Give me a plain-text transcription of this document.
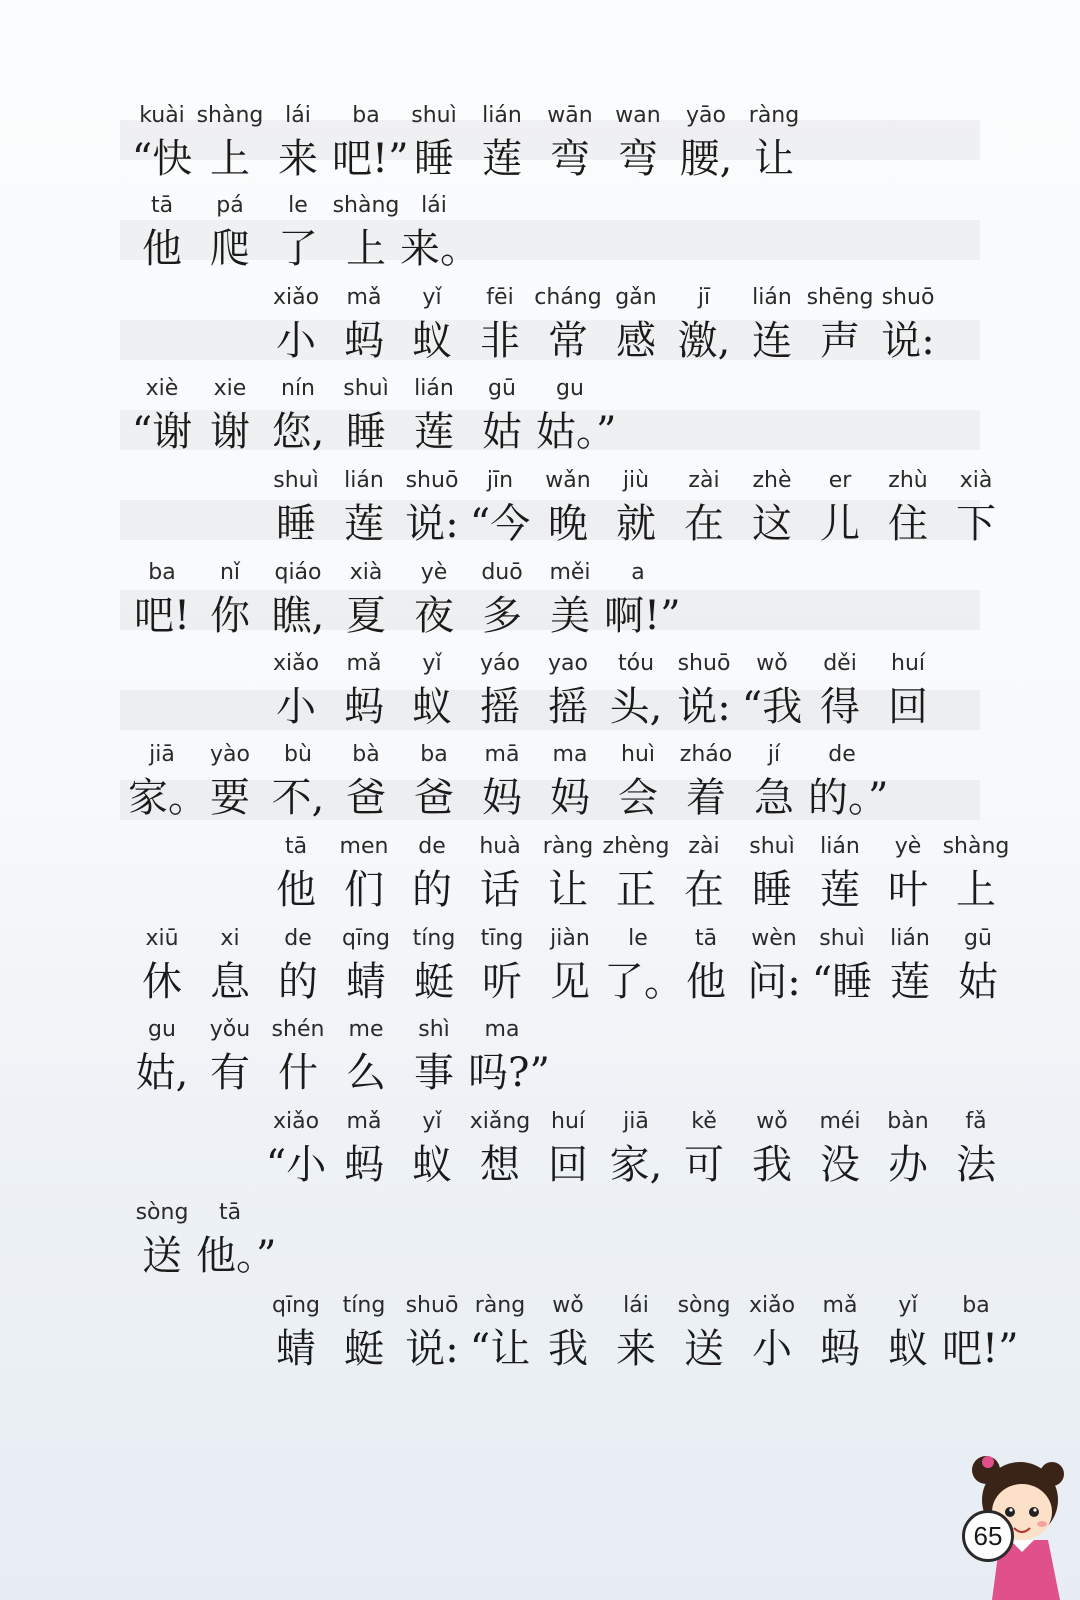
kuài
“快
shàng
上
lái
来
ba
吧!”
shuì
睡
lián
莲
wān
弯
wan
弯
yāo
腰,
ràng
让
tā
他
pá
爬
le
了
shàng
上
lái
来。
xiǎo
小
mǎ
蚂
yǐ
蚁
fēi
非
cháng
常
gǎn
感
jī
激,
lián
连
shēng
声
shuō
说:
xiè
“谢
xie
谢
nín
您,
shuì
睡
lián
莲
gū
姑
gu
姑。”
shuì
睡
lián
莲
shuō
说:
jīn
“今
wǎn
晚
jiù
就
zài
在
zhè
这
er
儿
zhù
住
xià
下
ba
吧!
nǐ
你
qiáo
瞧,
xià
夏
yè
夜
duō
多
měi
美
a
啊!”
xiǎo
小
mǎ
蚂
yǐ
蚁
yáo
摇
yao
摇
tóu
头,
shuō
说:
wǒ
“我
děi
得
huí
回
jiā
家。
yào
要
bù
不,
bà
爸
ba
爸
mā
妈
ma
妈
huì
会
zháo
着
jí
急
de
的。”
tā
他
men
们
de
的
huà
话
ràng
让
zhèng
正
zài
在
shuì
睡
lián
莲
yè
叶
shàng
上
xiū
休
xi
息
de
的
qīng
蜻
tíng
蜓
tīng
听
jiàn
见
le
了。
tā
他
wèn
问:
shuì
“睡
lián
莲
gū
姑
gu
姑,
yǒu
有
shén
什
me
么
shì
事
ma
吗?”
xiǎo
“小
mǎ
蚂
yǐ
蚁
xiǎng
想
huí
回
jiā
家,
kě
可
wǒ
我
méi
没
bàn
办
fǎ
法
sòng
送
tā
他。”
qīng
蜻
tíng
蜓
shuō
说:
ràng
“让
wǒ
我
lái
来
sòng
送
xiǎo
小
mǎ
蚂
yǐ
蚁
ba
吧!”
65
